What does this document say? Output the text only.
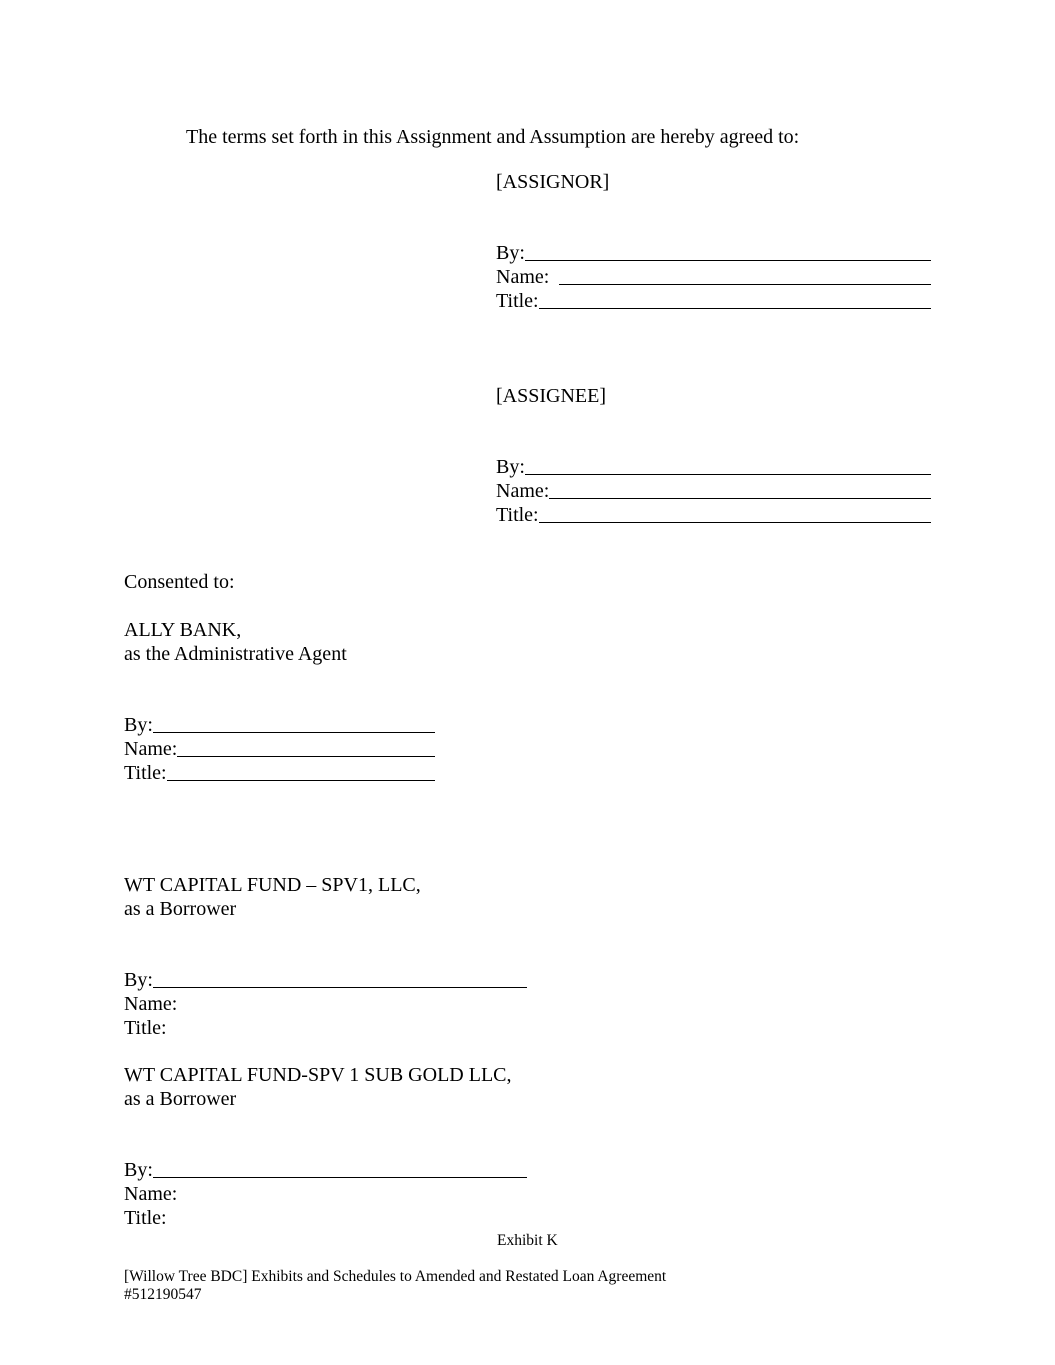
The terms set forth in this Assignment and Assumption are hereby agreed to:
[ASSIGNOR]
By:
Name:
Title:
[ASSIGNEE]
By:
Name:
Title:
Consented to:
ALLY BANK,
as the Administrative Agent
By:
Name:
Title:
WT CAPITAL FUND – SPV1, LLC,
as a Borrower
By:
Name:
Title:
WT CAPITAL FUND-SPV 1 SUB GOLD LLC,
as a Borrower
By:
Name:
Title:
Exhibit K
[Willow Tree BDC] Exhibits and Schedules to Amended and Restated Loan Agreement
#512190547
